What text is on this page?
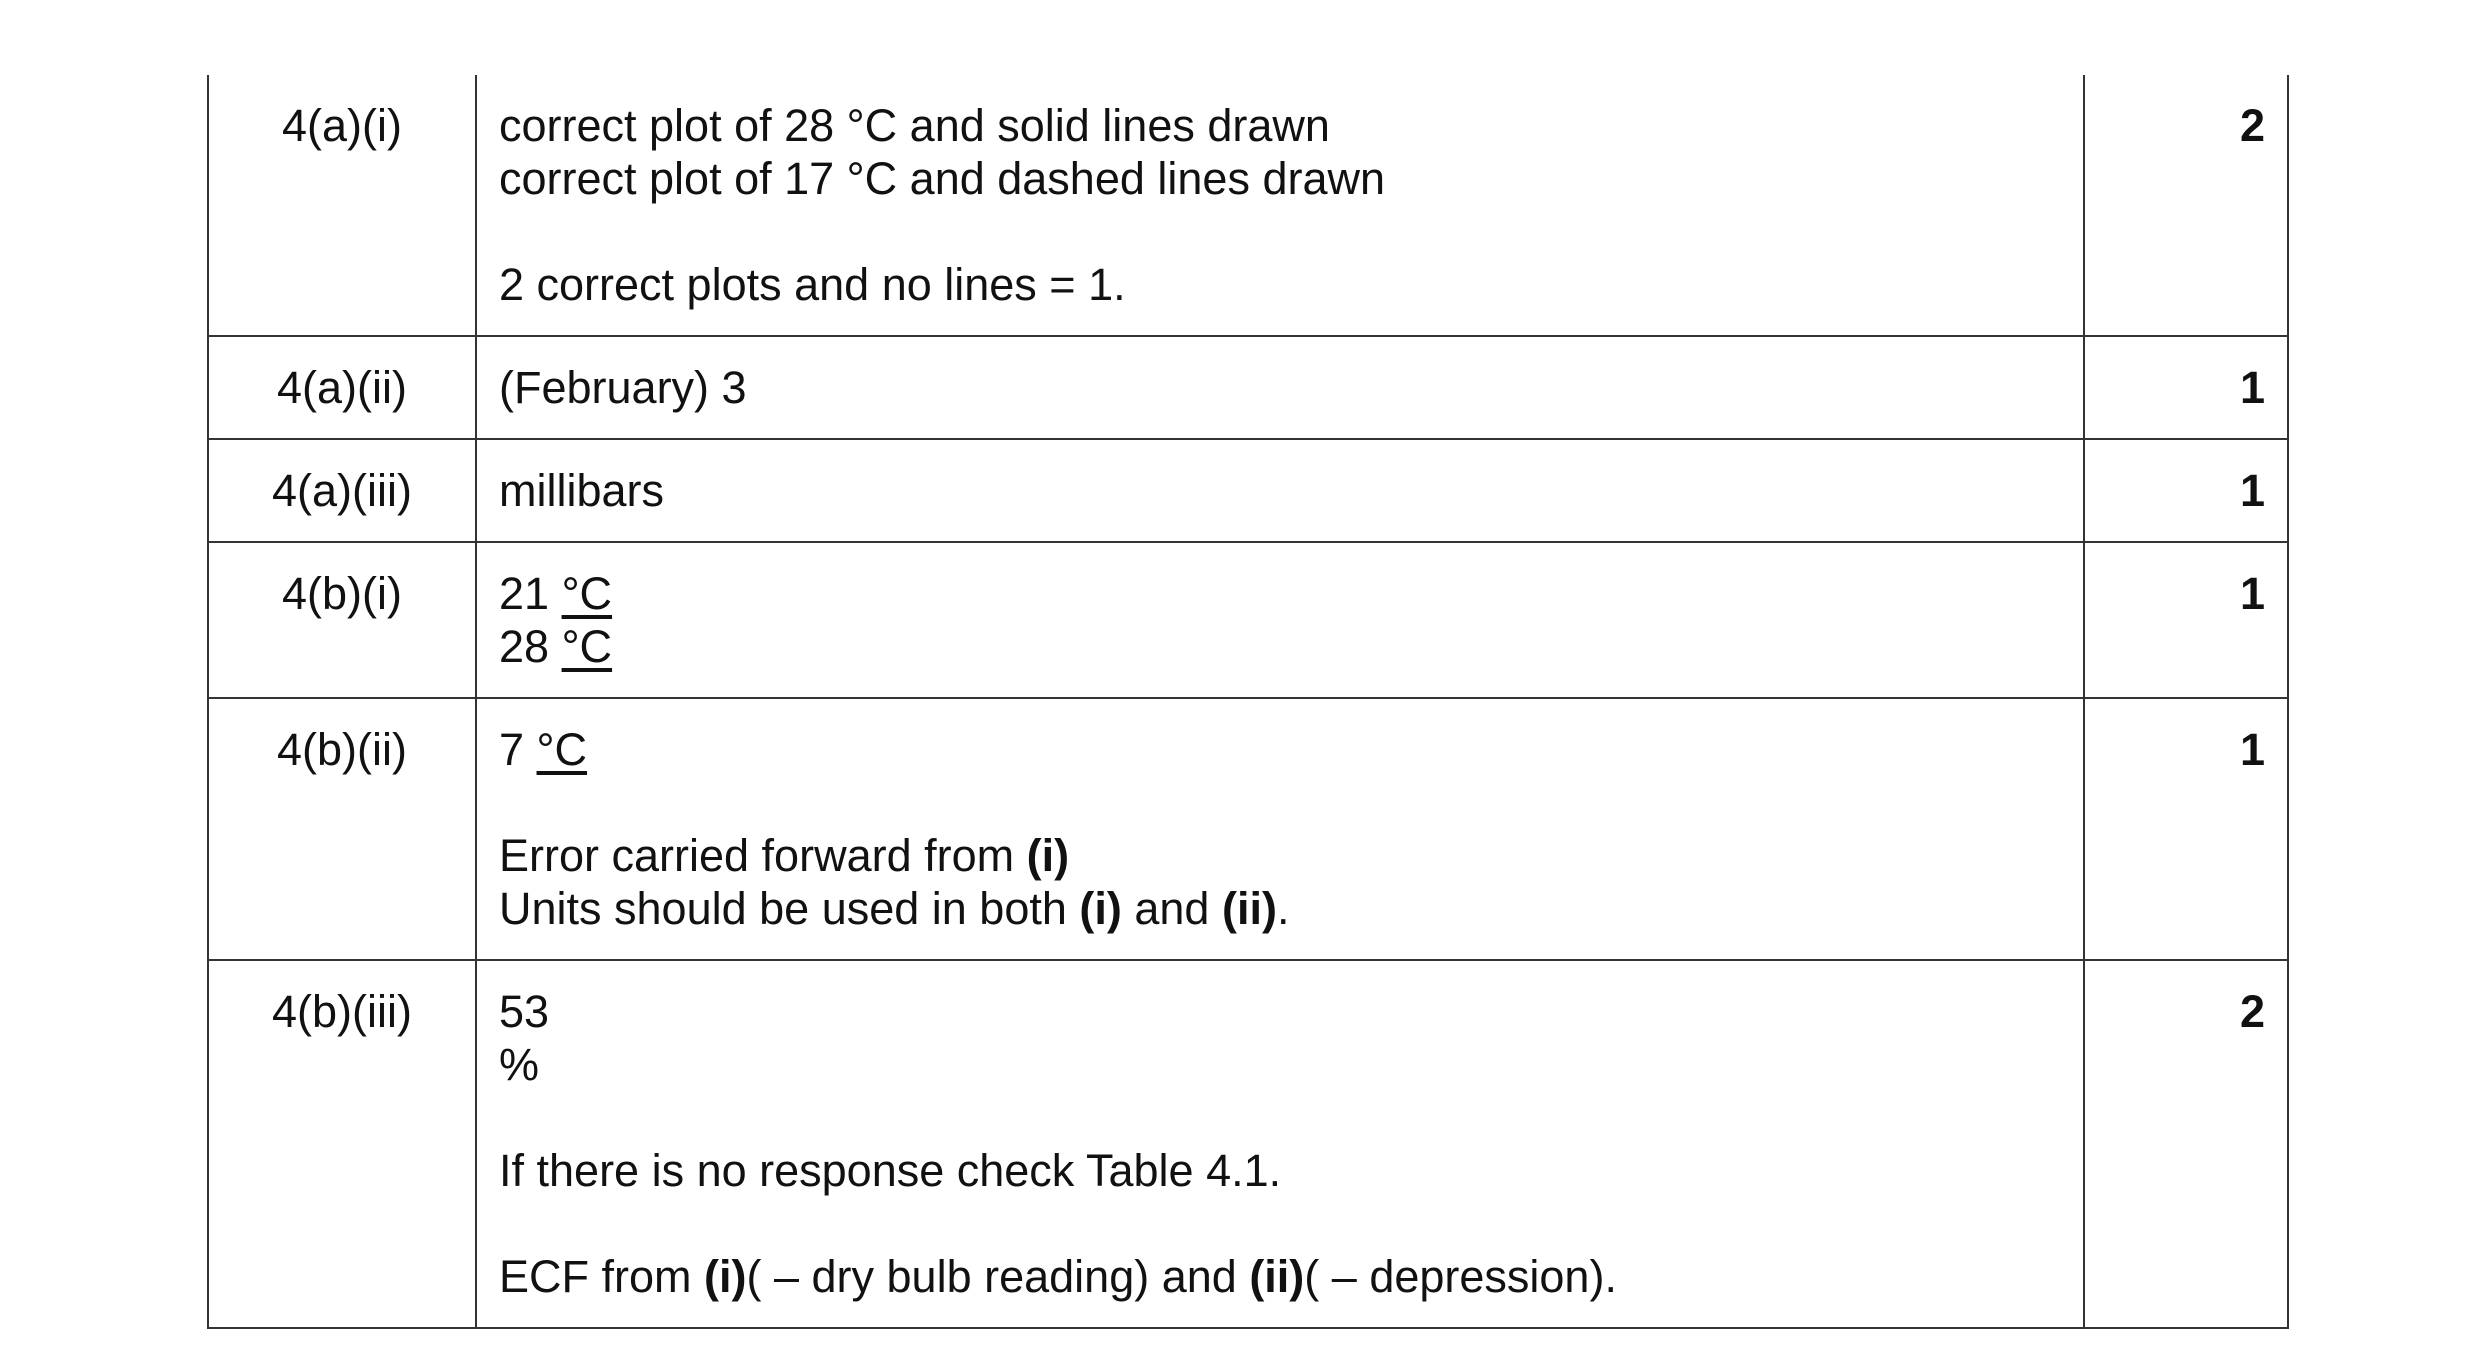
4(a)(i)	correct plot of 28 °C and solid lines drawn
correct plot of 17 °C and dashed lines drawn
2 correct plots and no lines = 1.	2
4(a)(ii)	(February) 3	1
4(a)(iii)	millibars	1
4(b)(i)	21 °C
28 °C	1
4(b)(ii)	7 °C
Error carried forward from (i)
Units should be used in both (i) and (ii).	1
4(b)(iii)	53
%
If there is no response check Table 4.1.
ECF from (i)( – dry bulb reading) and (ii)( – depression).	2
